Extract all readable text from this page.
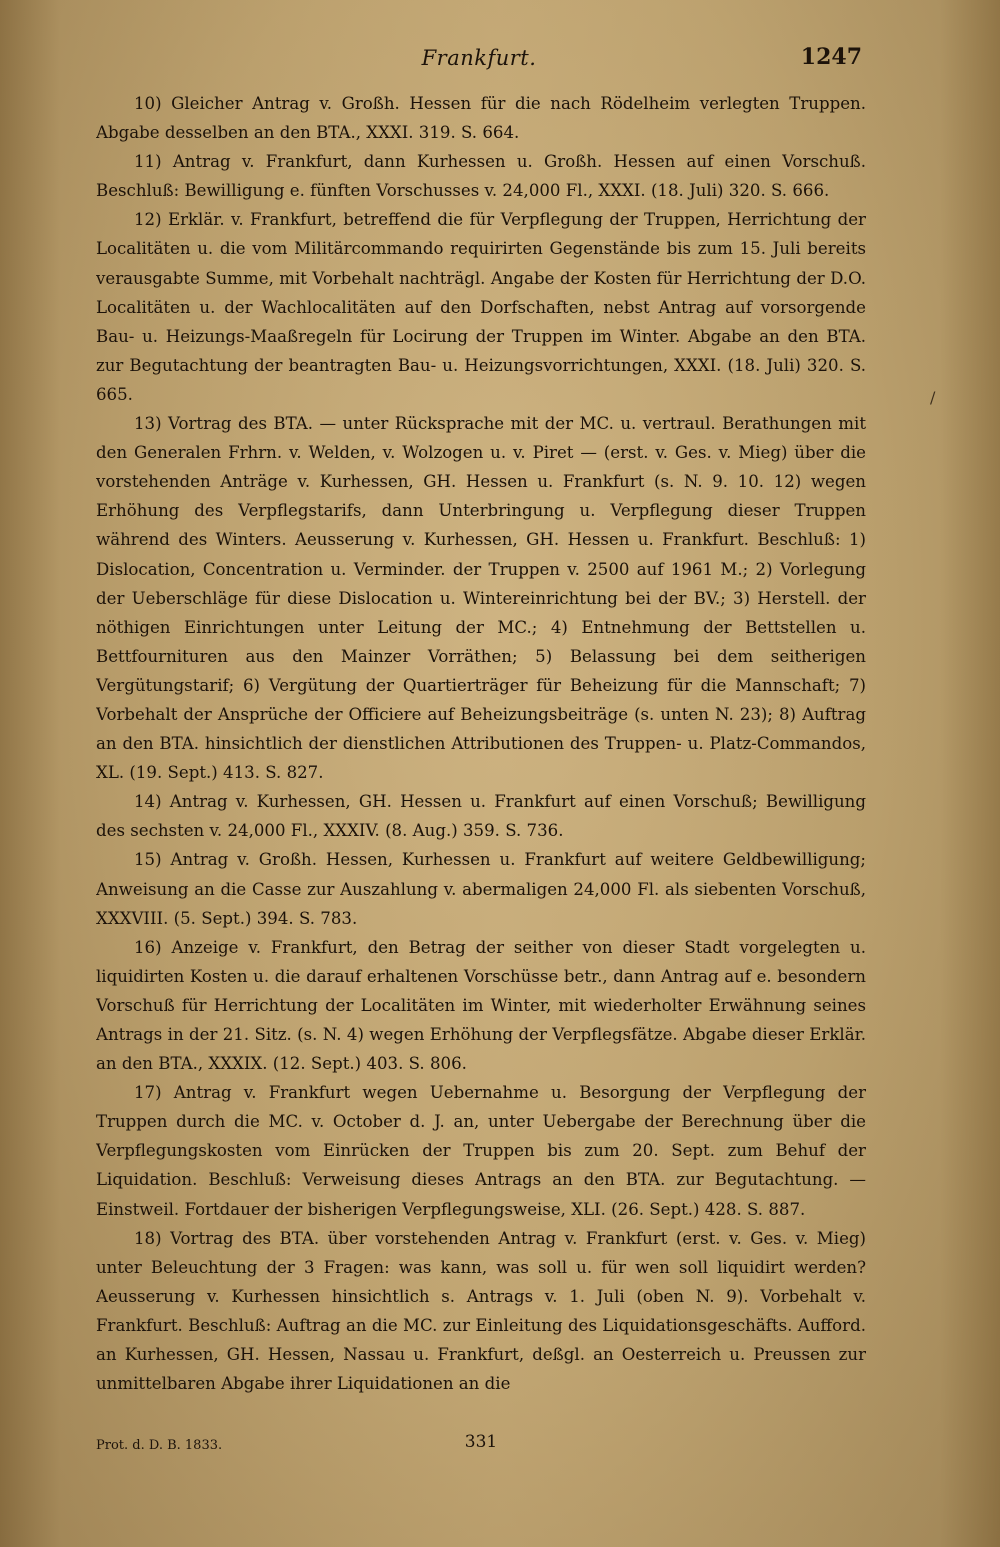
Frankfurt.	1247

10) Gleicher Antrag v. Großh. Hessen für die nach Rödelheim verlegten Truppen. Abgabe desselben an den BTA., XXXI. 319. S. 664.

11) Antrag v. Frankfurt, dann Kurhessen u. Großh. Hessen auf einen Vorschuß. Beschluß: Bewilligung e. fünften Vorschusses v. 24,000 Fl., XXXI. (18. Juli) 320. S. 666.

12) Erklär. v. Frankfurt, betreffend die für Verpflegung der Truppen, Herrichtung der Localitäten u. die vom Militärcommando requirirten Gegenstände bis zum 15. Juli bereits verausgabte Summe, mit Vorbehalt nachträgl. Angabe der Kosten für Herrichtung der D.O. Localitäten u. der Wachlocalitäten auf den Dorfschaften, nebst Antrag auf vorsorgende Bau- u. Heizungs-Maaßregeln für Locirung der Truppen im Winter. Abgabe an den BTA. zur Begutachtung der beantragten Bau- u. Heizungsvorrichtungen, XXXI. (18. Juli) 320. S. 665.

13) Vortrag des BTA. — unter Rücksprache mit der MC. u. vertraul. Berathungen mit den Generalen Frhrn. v. Welden, v. Wolzogen u. v. Piret — (erst. v. Ges. v. Mieg) über die vorstehenden Anträge v. Kurhessen, GH. Hessen u. Frankfurt (s. N. 9. 10. 12) wegen Erhöhung des Verpflegstarifs, dann Unterbringung u. Verpflegung dieser Truppen während des Winters. Aeusserung v. Kurhessen, GH. Hessen u. Frankfurt. Beschluß: 1) Dislocation, Concentration u. Verminder. der Truppen v. 2500 auf 1961 M.; 2) Vorlegung der Ueberschläge für diese Dislocation u. Wintereinrichtung bei der BV.; 3) Herstell. der nöthigen Einrichtungen unter Leitung der MC.; 4) Entnehmung der Bettstellen u. Bettfournituren aus den Mainzer Vorräthen; 5) Belassung bei dem seitherigen Vergütungstarif; 6) Vergütung der Quartierträger für Beheizung für die Mannschaft; 7) Vorbehalt der Ansprüche der Officiere auf Beheizungsbeiträge (s. unten N. 23); 8) Auftrag an den BTA. hinsichtlich der dienstlichen Attributionen des Truppen- u. Platz-Commandos, XL. (19. Sept.) 413. S. 827.

14) Antrag v. Kurhessen, GH. Hessen u. Frankfurt auf einen Vorschuß; Bewilligung des sechsten v. 24,000 Fl., XXXIV. (8. Aug.) 359. S. 736.

15) Antrag v. Großh. Hessen, Kurhessen u. Frankfurt auf weitere Geldbewilligung; Anweisung an die Casse zur Auszahlung v. abermaligen 24,000 Fl. als siebenten Vorschuß, XXXVIII. (5. Sept.) 394. S. 783.

16) Anzeige v. Frankfurt, den Betrag der seither von dieser Stadt vorgelegten u. liquidirten Kosten u. die darauf erhaltenen Vorschüsse betr., dann Antrag auf e. besondern Vorschuß für Herrichtung der Localitäten im Winter, mit wiederholter Erwähnung seines Antrags in der 21. Sitz. (s. N. 4) wegen Erhöhung der Verpflegsfätze. Abgabe dieser Erklär. an den BTA., XXXIX. (12. Sept.) 403. S. 806.

17) Antrag v. Frankfurt wegen Uebernahme u. Besorgung der Verpflegung der Truppen durch die MC. v. October d. J. an, unter Uebergabe der Berechnung über die Verpflegungskosten vom Einrücken der Truppen bis zum 20. Sept. zum Behuf der Liquidation. Beschluß: Verweisung dieses Antrags an den BTA. zur Begutachtung. — Einstweil. Fortdauer der bisherigen Verpflegungsweise, XLI. (26. Sept.) 428. S. 887.

18) Vortrag des BTA. über vorstehenden Antrag v. Frankfurt (erst. v. Ges. v. Mieg) unter Beleuchtung der 3 Fragen: was kann, was soll u. für wen soll liquidirt werden? Aeusserung v. Kurhessen hinsichtlich s. Antrags v. 1. Juli (oben N. 9). Vorbehalt v. Frankfurt. Beschluß: Auftrag an die MC. zur Einleitung des Liquidationsgeschäfts. Aufford. an Kurhessen, GH. Hessen, Nassau u. Frankfurt, deßgl. an Oesterreich u. Preussen zur unmittelbaren Abgabe ihrer Liquidationen an die

/
Prot. d. D. B. 1833.	331
